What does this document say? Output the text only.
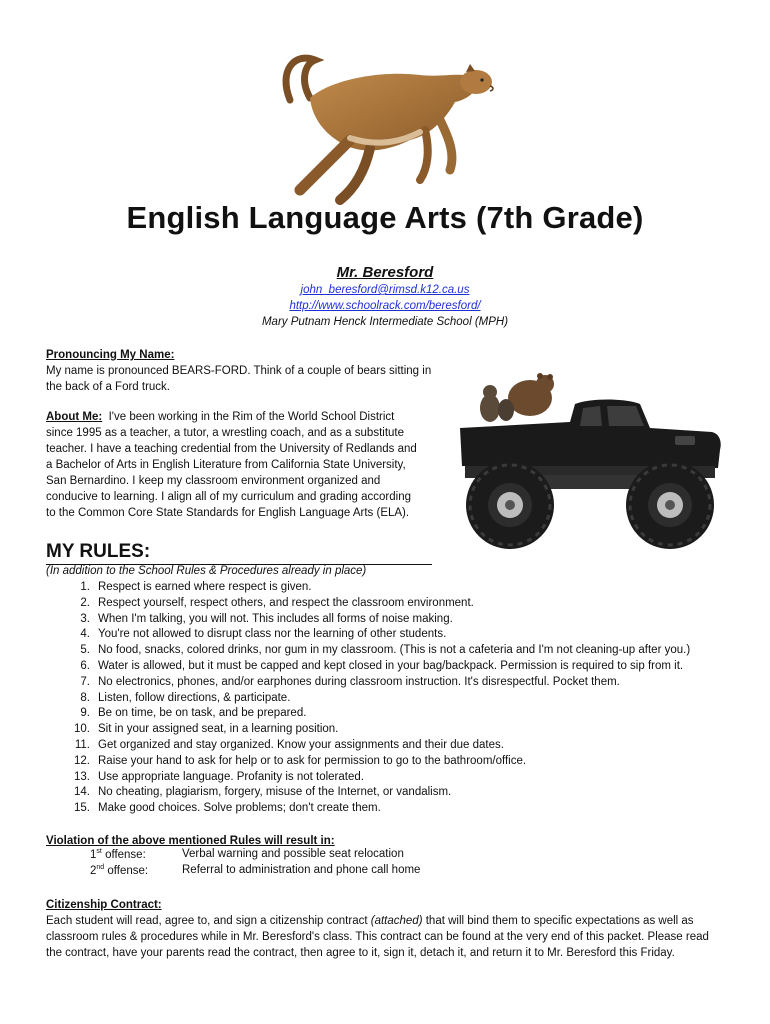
English Language Arts (7th Grade)
Mr. Beresford
john_beresford@rimsd.k12.ca.us
http://www.schoolrack.com/beresford/
Mary Putnam Henck Intermediate School (MPH)
Pronouncing My Name:
My name is pronounced BEARS-FORD. Think of a couple of bears sitting in
the back of a Ford truck.
About Me: I've been working in the Rim of the World School District
since 1995 as a teacher, a tutor, a wrestling coach, and as a substitute
teacher. I have a teaching credential from the University of Redlands and
a Bachelor of Arts in English Literature from California State University,
San Bernardino. I keep my classroom environment organized and
conducive to learning. I align all of my curriculum and grading according
to the Common Core State Standards for English Language Arts (ELA).
MY RULES:
(In addition to the School Rules & Procedures already in place)
1. Respect is earned where respect is given.
2. Respect yourself, respect others, and respect the classroom environment.
3. When I'm talking, you will not. This includes all forms of noise making.
4. You're not allowed to disrupt class nor the learning of other students.
5. No food, snacks, colored drinks, nor gum in my classroom. (This is not a cafeteria and I'm not cleaning-up after you.)
6. Water is allowed, but it must be capped and kept closed in your bag/backpack. Permission is required to sip from it.
7. No electronics, phones, and/or earphones during classroom instruction. It's disrespectful. Pocket them.
8. Listen, follow directions, & participate.
9. Be on time, be on task, and be prepared.
10. Sit in your assigned seat, in a learning position.
11. Get organized and stay organized. Know your assignments and their due dates.
12. Raise your hand to ask for help or to ask for permission to go to the bathroom/office.
13. Use appropriate language. Profanity is not tolerated.
14. No cheating, plagiarism, forgery, misuse of the Internet, or vandalism.
15. Make good choices. Solve problems; don't create them.
Violation of the above mentioned Rules will result in:
1st offense:	Verbal warning and possible seat relocation
2nd offense:	Referral to administration and phone call home
Citizenship Contract:
Each student will read, agree to, and sign a citizenship contract (attached) that will bind them to specific expectations as well as
classroom rules & procedures while in Mr. Beresford's class. This contract can be found at the very end of this packet. Please read
the contract, have your parents read the contract, then agree to it, sign it, detach it, and return it to Mr. Beresford this Friday.
